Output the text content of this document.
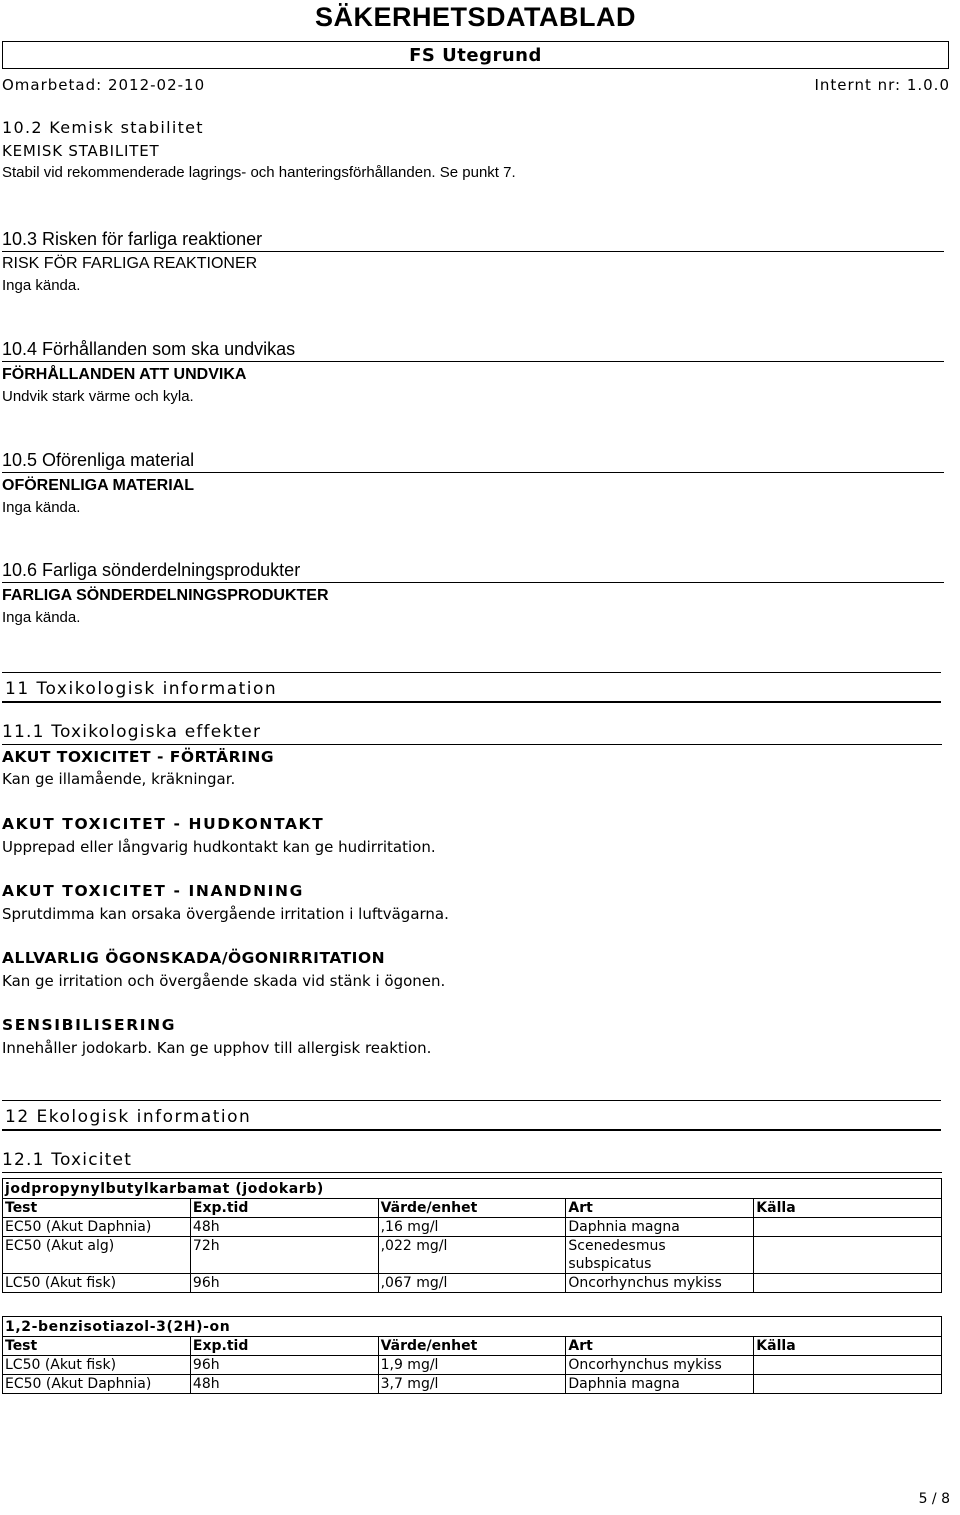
SÄKERHETSDATABLAD
FS Utegrund
Omarbetad: 2012-02-10	Internt nr: 1.0.0
10.2 Kemisk stabilitet
KEMISK STABILITET
Stabil vid rekommenderade lagrings- och hanteringsförhållanden. Se punkt 7.
10.3 Risken för farliga reaktioner
RISK FÖR FARLIGA REAKTIONER
Inga kända.
10.4 Förhållanden som ska undvikas
FÖRHÅLLANDEN ATT UNDVIKA
Undvik stark värme och kyla.
10.5 Oförenliga material
OFÖRENLIGA MATERIAL
Inga kända.
10.6 Farliga sönderdelningsprodukter
FARLIGA SÖNDERDELNINGSPRODUKTER
Inga kända.
11 Toxikologisk information
11.1 Toxikologiska effekter
AKUT TOXICITET - FÖRTÄRING
Kan ge illamående, kräkningar.
AKUT TOXICITET - HUDKONTAKT
Upprepad eller långvarig hudkontakt kan ge hudirritation.
AKUT TOXICITET - INANDNING
Sprutdimma kan orsaka övergående irritation i luftvägarna.
ALLVARLIG ÖGONSKADA/ÖGONIRRITATION
Kan ge irritation och övergående skada vid stänk i ögonen.
SENSIBILISERING
Innehåller jodokarb. Kan ge upphov till allergisk reaktion.
12 Ekologisk information
12.1 Toxicitet
jodpropynylbutylkarbamat (jodokarb)				
Test	Exp.tid	Värde/enhet	Art	Källa
EC50 (Akut Daphnia)	48h	,16 mg/l	Daphnia magna	
EC50 (Akut alg)	72h	,022 mg/l	Scenedesmus subspicatus	
LC50 (Akut fisk)	96h	,067 mg/l	Oncorhynchus mykiss	
1,2-benzisotiazol-3(2H)-on				
Test	Exp.tid	Värde/enhet	Art	Källa
LC50 (Akut fisk)	96h	1,9 mg/l	Oncorhynchus mykiss	
EC50 (Akut Daphnia)	48h	3,7 mg/l	Daphnia magna	
5 / 8
